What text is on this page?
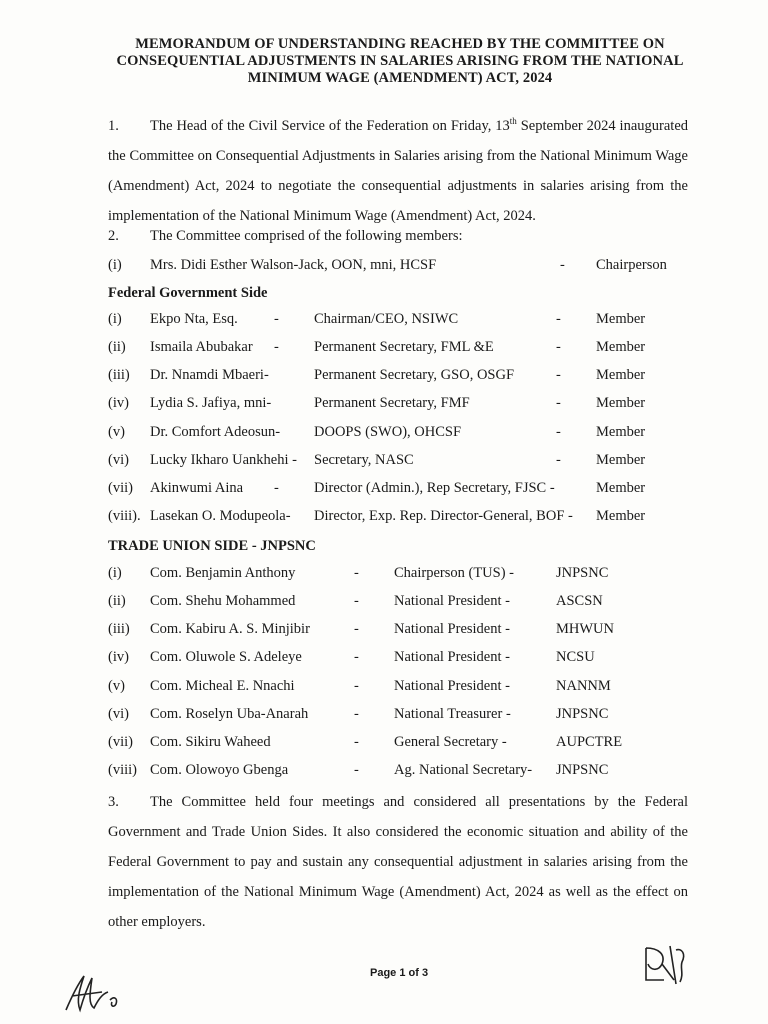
MEMORANDUM OF UNDERSTANDING REACHED BY THE COMMITTEE ON
CONSEQUENTIAL ADJUSTMENTS IN SALARIES ARISING FROM THE NATIONAL
MINIMUM WAGE (AMENDMENT) ACT, 2024
1. The Head of the Civil Service of the Federation on Friday, 13th September 2024 inaugurated the Committee on Consequential Adjustments in Salaries arising from the National Minimum Wage (Amendment) Act, 2024 to negotiate the consequential adjustments in salaries arising from the implementation of the National Minimum Wage (Amendment) Act, 2024.
2. The Committee comprised of the following members:
(i) Mrs. Didi Esther Walson-Jack, OON, mni, HCSF	- Chairperson
Federal Government Side
(i) Ekpo Nta, Esq. - Chairman/CEO, NSIWC	- Member
(ii) Ismaila Abubakar - Permanent Secretary, FML &E	- Member
(iii) Dr. Nnamdi Mbaeri-	Permanent Secretary, GSO, OSGF	- Member
(iv) Lydia S. Jafiya, mni-	Permanent Secretary, FMF	- Member
(v) Dr. Comfort Adeosun- DOOPS (SWO), OHCSF	- Member
(vi) Lucky Ikharo Uankhehi - Secretary, NASC	- Member
(vii) Akinwumi Aina - Director (Admin.), Rep Secretary, FJSC -	Member
(viii). Lasekan O. Modupeola- Director, Exp. Rep. Director-General, BOF - Member
TRADE UNION SIDE - JNPSNC
(i) Com. Benjamin Anthony	- Chairperson (TUS) -	JNPSNC
(ii) Com. Shehu Mohammed	- National President -	ASCSN
(iii) Com. Kabiru A. S. Minjibir	- National President -	MHWUN
(iv) Com. Oluwole S. Adeleye	- National President -	NCSU
(v) Com. Micheal E. Nnachi	- National President -	NANNM
(vi) Com. Roselyn Uba-Anarah	- National Treasurer -	JNPSNC
(vii) Com. Sikiru Waheed	- General Secretary -	AUPCTRE
(viii) Com. Olowoyo Gbenga	- Ag. National Secretary- JNPSNC
3. The Committee held four meetings and considered all presentations by the Federal Government and Trade Union Sides. It also considered the economic situation and ability of the Federal Government to pay and sustain any consequential adjustment in salaries arising from the implementation of the National Minimum Wage (Amendment) Act, 2024 as well as the effect on other employers.
Page 1 of 3
